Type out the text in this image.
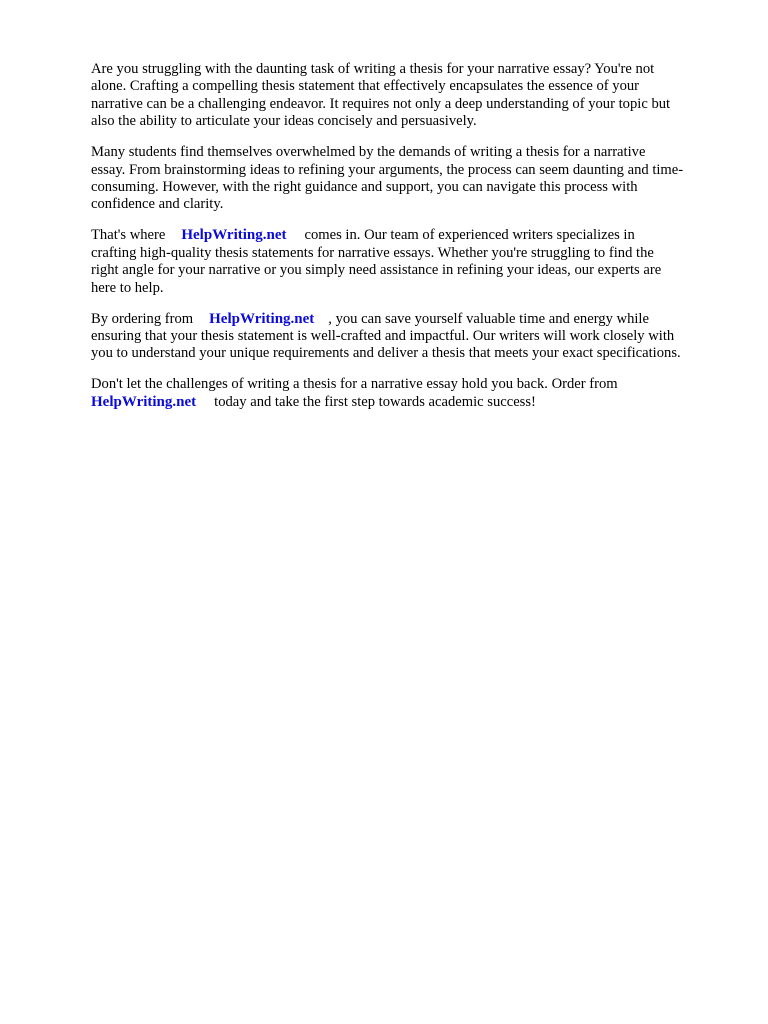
Are you struggling with the daunting task of writing a thesis for your narrative essay? You're not
alone. Crafting a compelling thesis statement that effectively encapsulates the essence of your
narrative can be a challenging endeavor. It requires not only a deep understanding of your topic but
also the ability to articulate your ideas concisely and persuasively.

Many students find themselves overwhelmed by the demands of writing a thesis for a narrative
essay. From brainstorming ideas to refining your arguments, the process can seem daunting and time-
consuming. However, with the right guidance and support, you can navigate this process with
confidence and clarity.

That's where HelpWriting.net comes in. Our team of experienced writers specializes in
crafting high-quality thesis statements for narrative essays. Whether you're struggling to find the
right angle for your narrative or you simply need assistance in refining your ideas, our experts are
here to help.

By ordering from HelpWriting.net , you can save yourself valuable time and energy while
ensuring that your thesis statement is well-crafted and impactful. Our writers will work closely with
you to understand your unique requirements and deliver a thesis that meets your exact specifications.

Don't let the challenges of writing a thesis for a narrative essay hold you back. Order from
HelpWriting.net today and take the first step towards academic success!
